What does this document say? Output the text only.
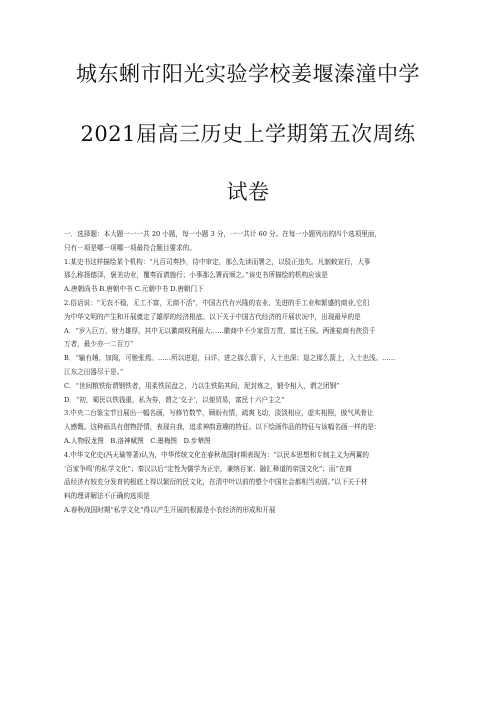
城东蜊市阳光实验学校姜堰溱潼中学
2021届高三历史上学期第五次周练
试卷

一．选择题：本大题一一一共 20 小题，每一小题 3 分，一一共计 60 分。在每一小题列出的四个选项里面，

只有一项是哪一项哪一项最符合题目要求的。

1.某史书这样描绘某个机构：“凡百司奏抄，侍中审定，那么先读而署之，以驳正违失。凡制敕宣行，大事

那么称扬德泽，褒美功业，覆奏而请施行；小事那么署而颁之。”该史书所描绘的机构应该是

A.唐朝尚书 B.唐朝中书 C.元朝中书 D.唐朝门下

2.俗话说：“无农不稳，无工不富，无商不活”，中国古代有兴隆的农业、先进的手工业和繁盛的商业,它们

为中华文明的产生和开展奠定了雄厚的经济根底。以下关于中国古代经济的开展状况中，出现最早的是

A．“岁入巨万，财力雄厚，其中无以徽商权利最大……徽商中不少家资万贯，富比王侯。两淮盐商有挟资千

万者，最少亦一二百万”

B．“输有趟，加阁，可驰张焉。……所以进退，曰详、进之那么箭下，入土也深；退之那么箭上，入土也浅。……

江东之田器尽于是。”

C．“世间粮铁衔谓钢铁者，用柔铁屈盘之，乃以生铁陷其间，泥封炼之，锻令相入，谓之团钢”

D．“初，蜀民以铁钱重，私为券，谓之‘交子’，以便贸易，富民十六户主之”

3.中央二台鉴宝节目展出一幅名画，写修竹数竿，顾盼有情，疏爽飞动，淡淡相应，虚实相照，傲气风骨让

人感慨。这种画具有借物抒情，表现自我，追求神韵意趣的特征。以下绘画作品的特征与该幅名画一样的是：

A.人物驭龙图　B.洛神赋图　C.墨梅图　D.步辇图

4.中华文化史(冯天瑜等著)认为，中华传统文化在春秋战国时期表现为：“以民本思想和专制主义为两翼的

‘百家争鸣’的私学文化”；秦汉以后“定性为儒学为正宗，兼纳百家、融汇释道的帝国文化”；而“在商

品经济有较充分发育的根底上得以繁衍的民文化，在清中叶以前的整个中国社会都相当劝固。”以下关于材

料的理讲解法不正确的选项是

A.春秋战国时期“私学文化”得以产生开展的根源是小农经济的形成和开展
